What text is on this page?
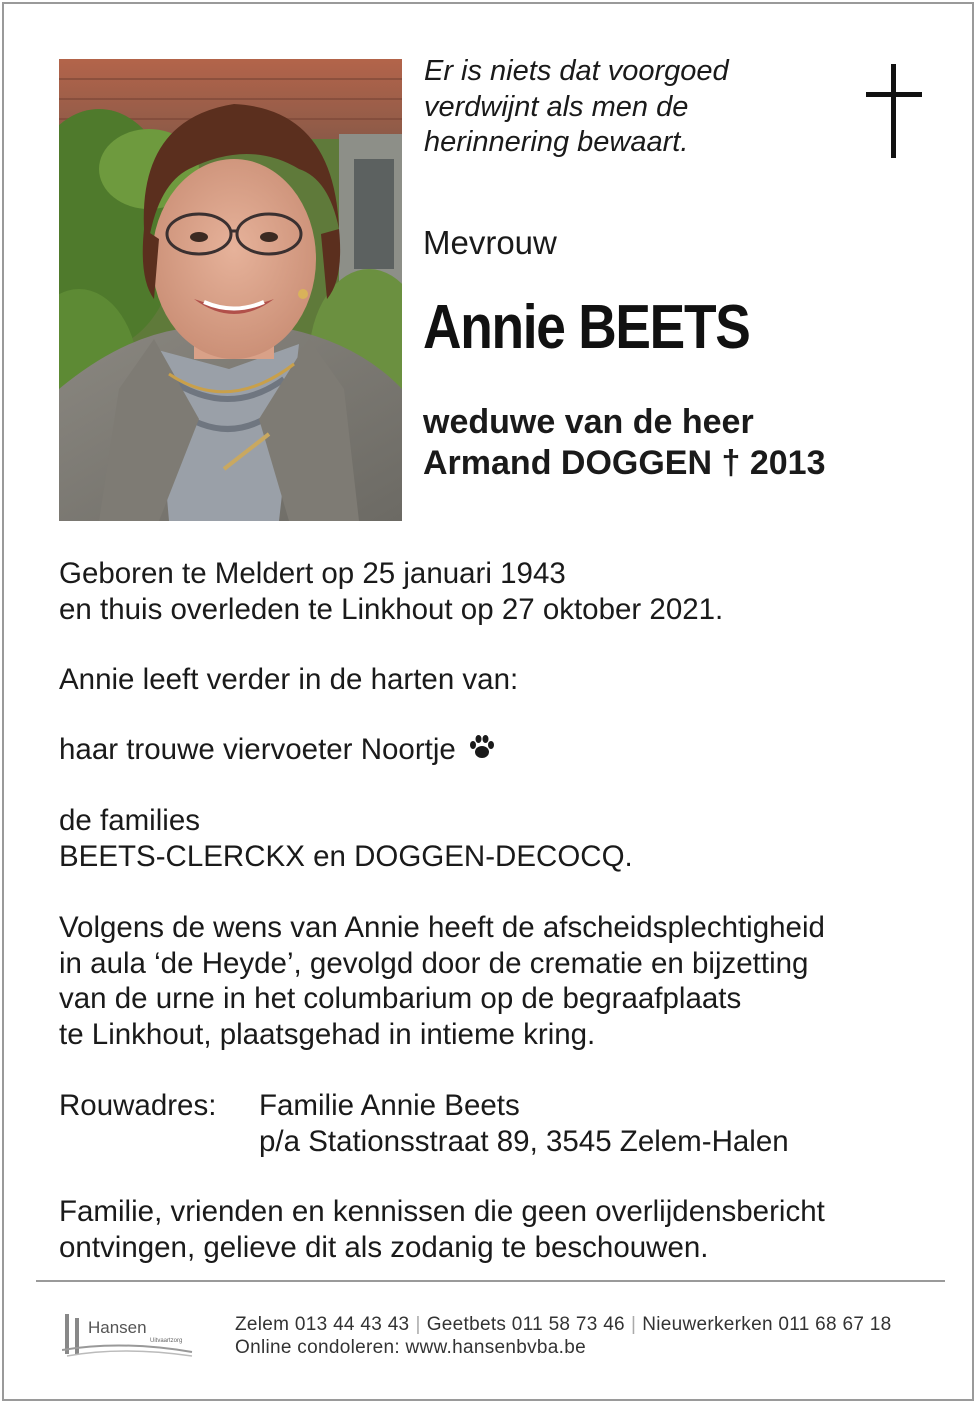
Er is niets dat voorgoed
verdwijnt als men de
herinnering bewaart.
Mevrouw
Annie BEETS
weduwe van de heer
Armand DOGGEN † 2013
Geboren te Meldert op 25 januari 1943
en thuis overleden te Linkhout op 27 oktober 2021.
Annie leeft verder in de harten van:
haar trouwe viervoeter Noortje
de families
BEETS-CLERCKX en DOGGEN-DECOCQ.
Volgens de wens van Annie heeft de afscheidsplechtigheid
in aula ‘de Heyde’, gevolgd door de crematie en bijzetting
van de urne in het columbarium op de begraafplaats
te Linkhout, plaatsgehad in intieme kring.
Rouwadres: Familie Annie Beets
p/a Stationsstraat 89, 3545 Zelem-Halen
Familie, vrienden en kennissen die geen overlijdensbericht
ontvingen, gelieve dit als zodanig te beschouwen.
Hansen
Uitvaartzorg
Zelem 013 44 43 43 | Geetbets 011 58 73 46 | Nieuwerkerken 011 68 67 18
Online condoleren: www.hansenbvba.be
